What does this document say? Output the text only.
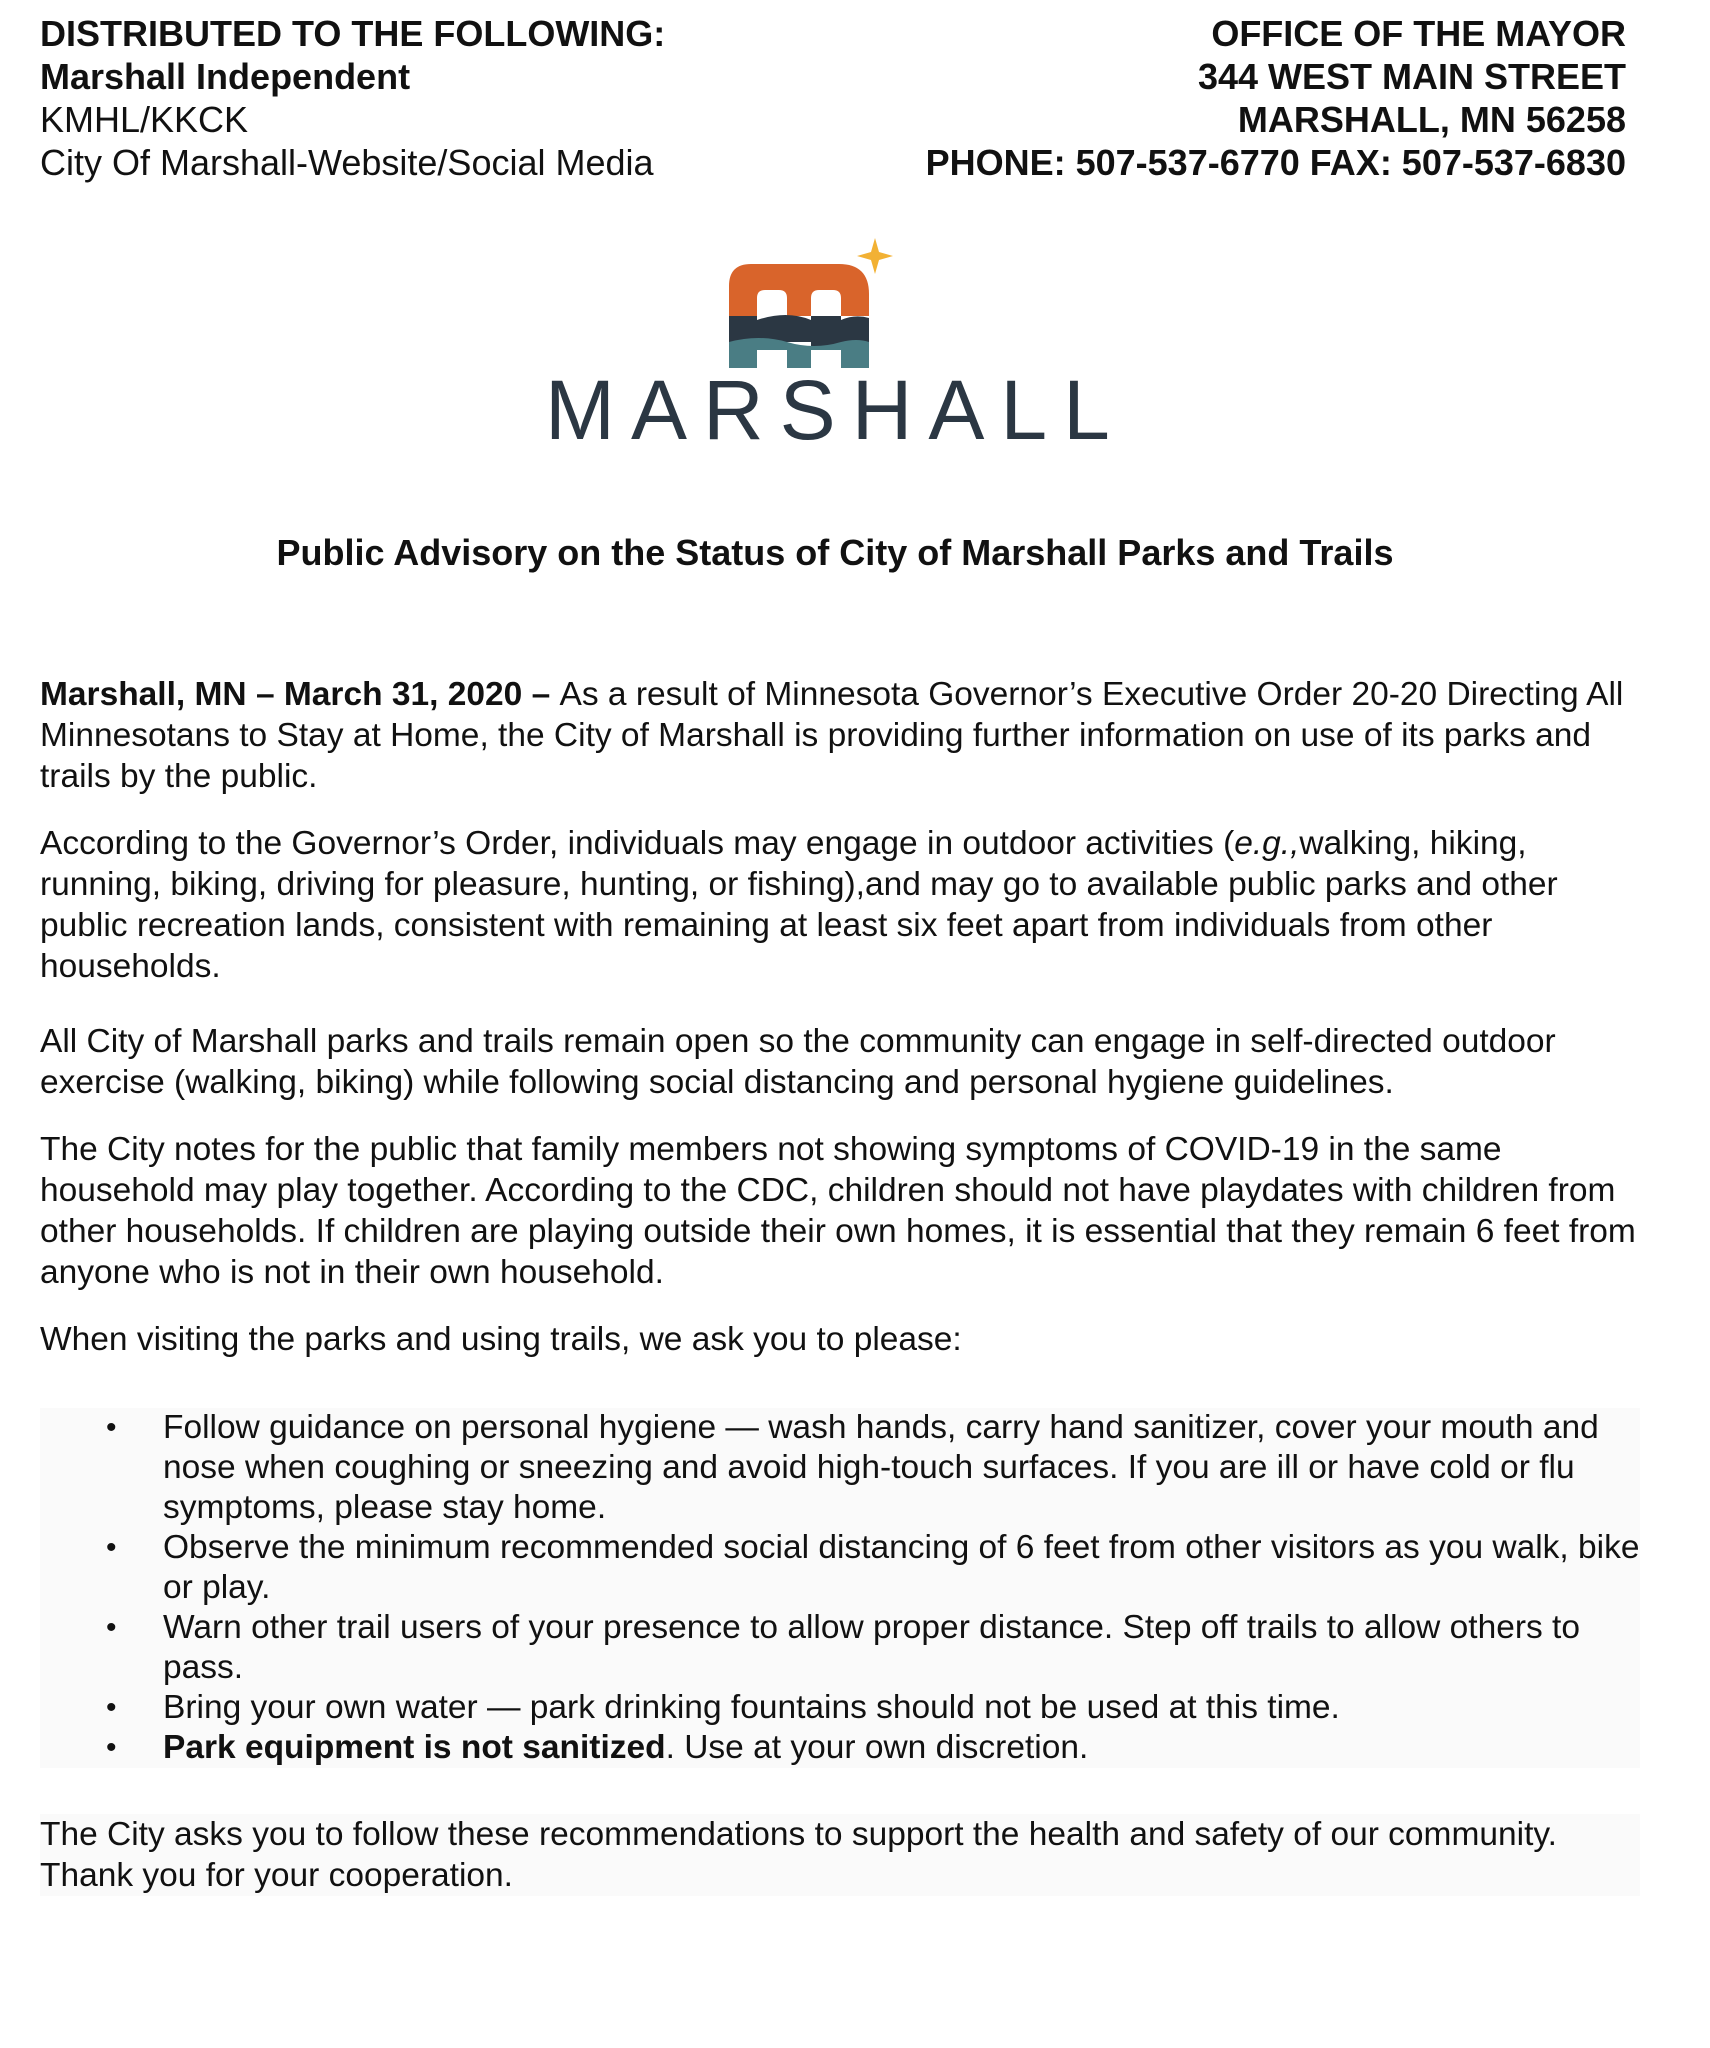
DISTRIBUTED TO THE FOLLOWING:
Marshall Independent
KMHL/KKCK
City Of Marshall-Website/Social Media
OFFICE OF THE MAYOR
344 WEST MAIN STREET
MARSHALL, MN 56258
PHONE: 507-537-6770 FAX: 507-537-6830
MARSHALL
Public Advisory on the Status of City of Marshall Parks and Trails

Marshall, MN – March 31, 2020 – As a result of Minnesota Governor’s Executive Order 20-20 Directing All Minnesotans to Stay at Home, the City of Marshall is providing further information on use of its parks and trails by the public.

According to the Governor’s Order, individuals may engage in outdoor activities (e.g.,walking, hiking, running, biking, driving for pleasure, hunting, or fishing),and may go to available public parks and other public recreation lands, consistent with remaining at least six feet apart from individuals from other households.

All City of Marshall parks and trails remain open so the community can engage in self-directed outdoor exercise (walking, biking) while following social distancing and personal hygiene guidelines.

The City notes for the public that family members not showing symptoms of COVID-19 in the same household may play together. According to the CDC, children should not have playdates with children from other households. If children are playing outside their own homes, it is essential that they remain 6 feet from anyone who is not in their own household.

When visiting the parks and using trails, we ask you to please:

• Follow guidance on personal hygiene — wash hands, carry hand sanitizer, cover your mouth and nose when coughing or sneezing and avoid high-touch surfaces. If you are ill or have cold or flu symptoms, please stay home.
• Observe the minimum recommended social distancing of 6 feet from other visitors as you walk, bike or play.
• Warn other trail users of your presence to allow proper distance. Step off trails to allow others to pass.
• Bring your own water — park drinking fountains should not be used at this time.
• Park equipment is not sanitized. Use at your own discretion.

The City asks you to follow these recommendations to support the health and safety of our community. Thank you for your cooperation.
